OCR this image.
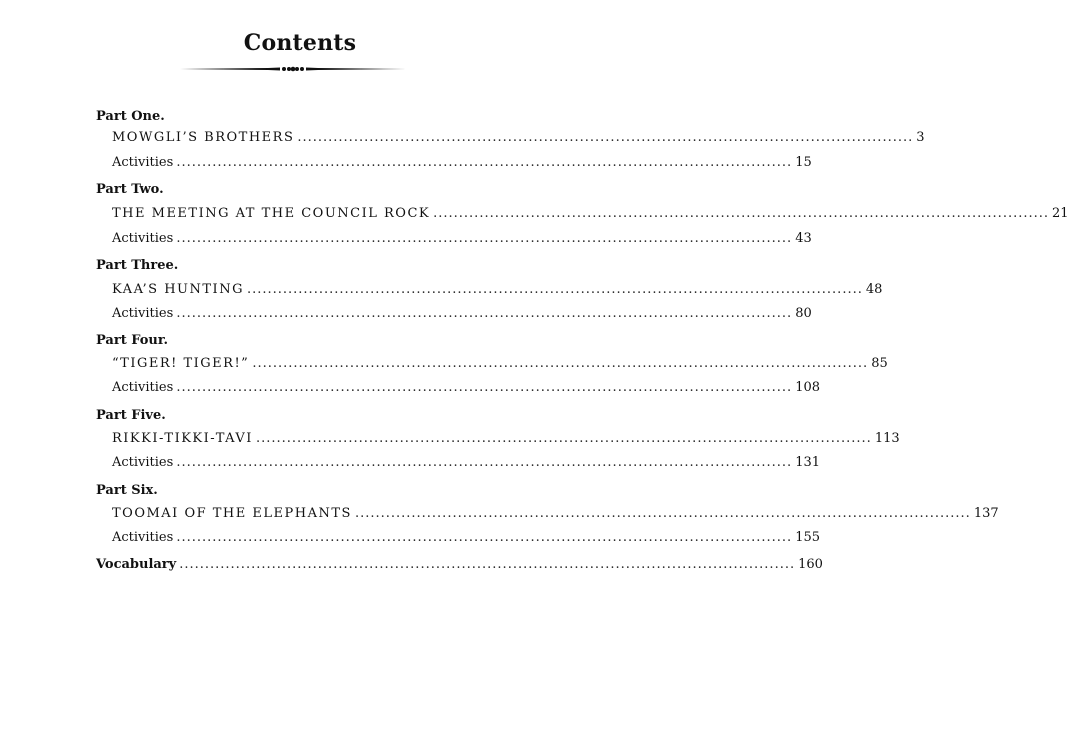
Contents
Part One.
MOWGLI’S BROTHERS ........................................................................................................................ 3
Activities ........................................................................................................................ 15
Part Two.
THE MEETING AT THE COUNCIL ROCK ........................................................................................................................ 21
Activities ........................................................................................................................ 43
Part Three.
KAA’S HUNTING ........................................................................................................................ 48
Activities ........................................................................................................................ 80
Part Four.
“TIGER! TIGER!” ........................................................................................................................ 85
Activities ........................................................................................................................ 108
Part Five.
RIKKI-TIKKI-TAVI ........................................................................................................................ 113
Activities ........................................................................................................................ 131
Part Six.
TOOMAI OF THE ELEPHANTS ........................................................................................................................ 137
Activities ........................................................................................................................ 155
Vocabulary ........................................................................................................................ 160
